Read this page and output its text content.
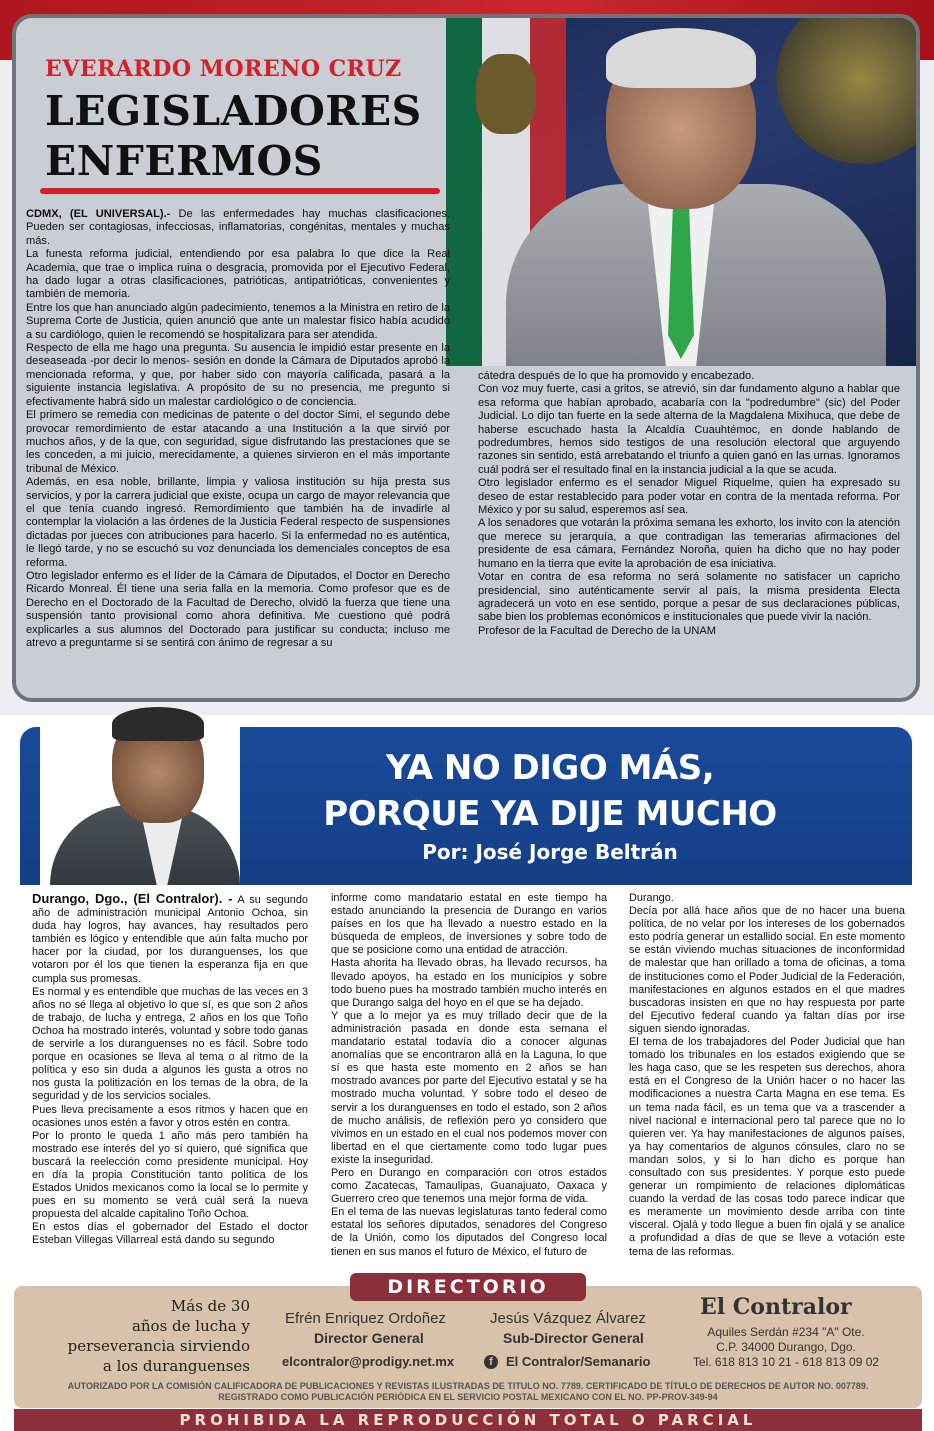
EVERARDO MORENO CRUZ
LEGISLADORES
ENFERMOS

CDMX, (EL UNIVERSAL).- De las enfermedades hay muchas clasificaciones. Pueden ser contagiosas, infecciosas, inflamatorias, congénitas, mentales y muchas más.

La funesta reforma judicial, entendiendo por esa palabra lo que dice la Real Academia, que trae o implica ruina o desgracia, promovida por el Ejecutivo Federal, ha dado lugar a otras clasificaciones, patrióticas, antipatrióticas, convenientes y también de memoria.

Entre los que han anunciado algún padecimiento, tenemos a la Ministra en retiro de la Suprema Corte de Justicia, quien anunció que ante un malestar físico había acudido a su cardiólogo, quien le recomendó se hospitalizara para ser atendida.

Respecto de ella me hago una pregunta. Su ausencia le impidió estar presente en la deseaseada -por decir lo menos- sesión en donde la Cámara de Diputados aprobó la mencionada reforma, y que, por haber sido con mayoría calificada, pasará a la siguiente instancia legislativa. A propósito de su no presencia, me pregunto si efectivamente habrá sido un malestar cardiológico o de conciencia.

El primero se remedia con medicinas de patente o del doctor Simi, el segundo debe provocar remordimiento de estar atacando a una Institución a la que sirvió por muchos años, y de la que, con seguridad, sigue disfrutando las prestaciones que se les conceden, a mi juicio, merecidamente, a quienes sirvieron en el más importante tribunal de México.

Además, en esa noble, brillante, limpia y valiosa institución su hija presta sus servicios, y por la carrera judicial que existe, ocupa un cargo de mayor relevancia que el que tenía cuando ingresó. Remordimiento que también ha de invadirle al contemplar la violación a las órdenes de la Justicia Federal respecto de suspensiones dictadas por jueces con atribuciones para hacerlo. Si la enfermedad no es auténtica, le llegó tarde, y no se escuchó su voz denunciada los demenciales conceptos de esa reforma.

Otro legislador enfermo es el líder de la Cámara de Diputados, el Doctor en Derecho Ricardo Monreal. Él tiene una seria falla en la memoria. Como profesor que es de Derecho en el Doctorado de la Facultad de Derecho, olvidó la fuerza que tiene una suspensión tanto provisional como ahora definitiva. Me cuestiono qué podrá explicarles a sus alumnos del Doctorado para justificar su conducta; incluso me atrevo a preguntarme si se sentirá con ánimo de regresar a su

cátedra después de lo que ha promovido y encabezado.

Con voz muy fuerte, casi a gritos, se atrevió, sin dar fundamento alguno a hablar que esa reforma que habían aprobado, acabaría con la "podredumbre" (sic) del Poder Judicial. Lo dijo tan fuerte en la sede alterna de la Magdalena Mixihuca, que debe de haberse escuchado hasta la Alcaldía Cuauhtémoc, en donde hablando de podredumbres, hemos sido testigos de una resolución electoral que arguyendo razones sin sentido, está arrebatando el triunfo a quien ganó en las urnas. Ignoramos cuál podrá ser el resultado final en la instancia judicial a la que se acuda.

Otro legislador enfermo es el senador Miguel Riquelme, quien ha expresado su deseo de estar restablecido para poder votar en contra de la mentada reforma. Por México y por su salud, esperemos así sea.

A los senadores que votarán la próxima semana les exhorto, los invito con la atención que merece su jerarquía, a que contradigan las temerarias afirmaciones del presidente de esa cámara, Fernández Noroña, quien ha dicho que no hay poder humano en la tierra que evite la aprobación de esa iniciativa.

Votar en contra de esa reforma no será solamente no satisfacer un capricho presidencial, sino auténticamente servir al país, la misma presidenta Electa agradecerá un voto en ese sentido, porque a pesar de sus declaraciones públicas, sabe bien los problemas económicos e institucionales que puede vivir la nación.

Profesor de la Facultad de Derecho de la UNAM

YA NO DIGO MÁS,
PORQUE YA DIJE MUCHO
Por: José Jorge Beltrán

Durango, Dgo., (El Contralor). - A su segundo año de administración municipal Antonio Ochoa, sin duda hay logros, hay avances, hay resultados pero también es lógico y entendible que aún falta mucho por hacer por la ciudad, por los duranguenses, los que votaron por él los que tienen la esperanza fija en que cumpla sus promesas.

Es normal y es entendible que muchas de las veces en 3 años no sé llega al objetivo lo que sí, es que son 2 años de trabajo, de lucha y entrega, 2 años en los que Toño Ochoa ha mostrado interés, voluntad y sobre todo ganas de servirle a los duranguenses no es fácil. Sobre todo porque en ocasiones se lleva al tema o al ritmo de la política y eso sin duda a algunos les gusta a otros no nos gusta la politización en los temas de la obra, de la seguridad y de los servicios sociales.

Pues lleva precisamente a esos ritmos y hacen que en ocasiones unos estén a favor y otros estén en contra.

Por lo pronto le queda 1 año más pero también ha mostrado ese interés del yo sí quiero, qué significa que buscará la reelección como presidente municipal. Hoy en día la propia Constitución tanto política de los Estados Unidos mexicanos como la local se lo permite y pues en su momento se verá cuál será la nueva propuesta del alcalde capitalino Toño Ochoa.

En estos días el gobernador del Estado el doctor Esteban Villegas Villarreal está dando su segundo

informe como mandatario estatal en este tiempo ha estado anunciando la presencia de Durango en varios países en los que ha llevado a nuestro estado en la búsqueda de empleos, de inversiones y sobre todo de que se posicione como una entidad de atracción.

Hasta ahorita ha llevado obras, ha llevado recursos, ha llevado apoyos, ha estado en los municipios y sobre todo bueno pues ha mostrado también mucho interés en que Durango salga del hoyo en el que se ha dejado.

Y que a lo mejor ya es muy trillado decir que de la administración pasada en donde esta semana el mandatario estatal todavía dio a conocer algunas anomalías que se encontraron allá en la Laguna, lo que sí es que hasta este momento en 2 años se han mostrado avances por parte del Ejecutivo estatal y se ha mostrado mucha voluntad. Y sobre todo el deseo de servir a los duranguenses en todo el estado, son 2 años de mucho análisis, de reflexión pero yo considero que vivimos en un estado en el cual nos podemos mover con libertad en el que ciertamente como todo lugar pues existe la inseguridad.

Pero en Durango en comparación con otros estados como Zacatecas, Tamaulipas, Guanajuato, Oaxaca y Guerrero creo que tenemos una mejor forma de vida.

En el tema de las nuevas legislaturas tanto federal como estatal los señores diputados, senadores del Congreso de la Unión, como los diputados del Congreso local tienen en sus manos el futuro de México, el futuro de

Durango.

Decía por allá hace años que de no hacer una buena política, de no velar por los intereses de los gobernados esto podría generar un estallido social. En este momento se están viviendo muchas situaciones de inconformidad de malestar que han orillado a toma de oficinas, a toma de instituciones como el Poder Judicial de la Federación, manifestaciones en algunos estados en el que madres buscadoras insisten en que no hay respuesta por parte del Ejecutivo federal cuando ya faltan días por irse siguen siendo ignoradas.

El tema de los trabajadores del Poder Judicial que han tomado los tribunales en los estados exigiendo que se les haga caso, que se les respeten sus derechos, ahora está en el Congreso de la Unión hacer o no hacer las modificaciones a nuestra Carta Magna en ese tema. Es un tema nada fácil, es un tema que va a trascender a nivel nacional e internacional pero tal parece que no lo quieren ver. Ya hay manifestaciones de algunos países, ya hay comentarios de algunos cónsules, claro no se mandan solos, y si lo han dicho es porque han consultado con sus presidentes. Y porque esto puede generar un rompimiento de relaciones diplomáticas cuando la verdad de las cosas todo parece indicar que es meramente un movimiento desde arriba con tinte visceral. Ojalá y todo llegue a buen fin ojalá y se analice a profundidad a días de que se lleve a votación este tema de las reformas.

DIRECTORIO
Más de 30
años de lucha y
perseverancia sirviendo
a los duranguenses
Efrén Enriquez Ordoñez
Director General
Jesús Vázquez Álvarez
Sub-Director General
elcontralor@prodigy.net.mx	f	El Contralor/Semanario
El Contralor
Aquiles Serdán #234 "A" Ote.
C.P. 34000 Durango, Dgo.
Tel. 618 813 10 21 - 618 813 09 02
AUTORIZADO POR LA COMISIÓN CALIFICADORA DE PUBLICACIONES Y REVISTAS ILUSTRADAS DE TITULO NO. 7789. CERTIFICADO DE TÍTULO DE DERECHOS DE AUTOR NO. 007789.
REGISTRADO COMO PUBLICACIÓN PERIÓDICA EN EL SERVICIO POSTAL MEXICANO CON EL NO. PP-PROV-349-94
PROHIBIDA LA REPRODUCCIÓN TOTAL O PARCIAL
